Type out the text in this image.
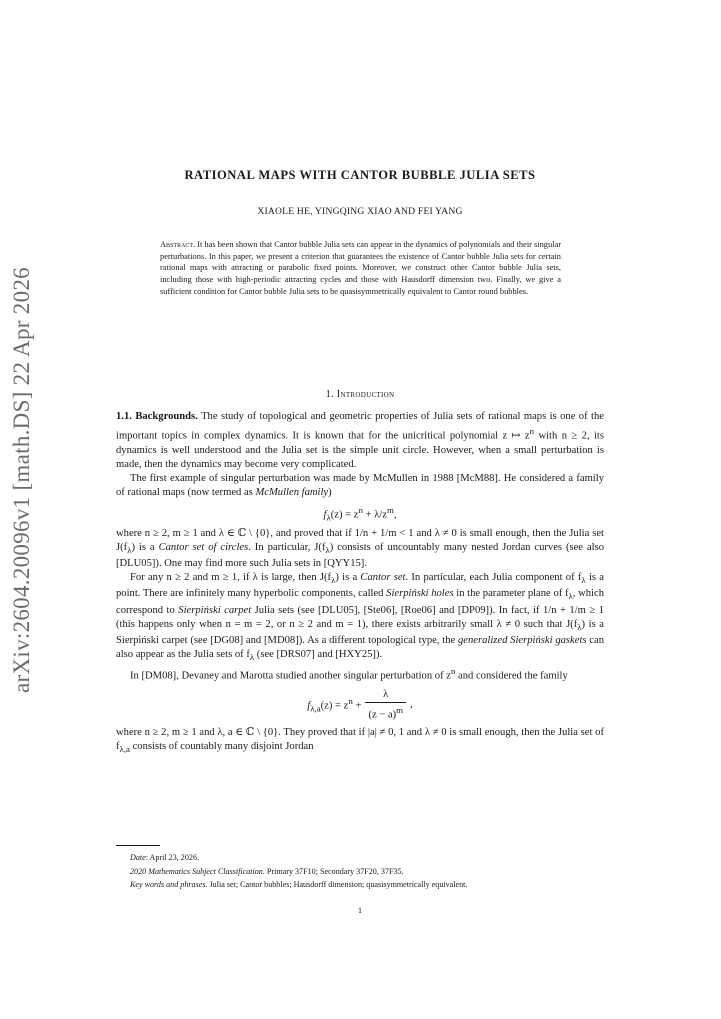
arXiv:2604.20096v1 [math.DS] 22 Apr 2026
RATIONAL MAPS WITH CANTOR BUBBLE JULIA SETS
XIAOLE HE, YINGQING XIAO AND FEI YANG
Abstract. It has been shown that Cantor bubble Julia sets can appear in the dynamics of polynomials and their singular perturbations. In this paper, we present a criterion that guarantees the existence of Cantor bubble Julia sets for certain rational maps with attracting or parabolic fixed points. Moreover, we construct other Cantor bubble Julia sets, including those with high-periodic attracting cycles and those with Hausdorff dimension two. Finally, we give a sufficient condition for Cantor bubble Julia sets to be quasisymmetrically equivalent to Cantor round bubbles.
1. Introduction

1.1. Backgrounds. The study of topological and geometric properties of Julia sets of rational maps is one of the important topics in complex dynamics. It is known that for the unicritical polynomial z ↦ $z^n$ with n ≥ 2, its dynamics is well understood and the Julia set is the simple unit circle. However, when a small perturbation is made, then the dynamics may become very complicated.

The first example of singular perturbation was made by McMullen in 1988 [McM88]. He considered a family of rational maps (now termed as McMullen family)

$f_\lambda(z) = z^n + \lambda/z^m$,

where n ≥ 2, m ≥ 1 and λ ∈ ℂ \ {0}, and proved that if 1/n + 1/m < 1 and λ ≠ 0 is small enough, then the Julia set $J(f_\lambda)$ is a Cantor set of circles. In particular, $J(f_\lambda)$ consists of uncountably many nested Jordan curves (see also [DLU05]). One may find more such Julia sets in [QYY15].

For any n ≥ 2 and m ≥ 1, if λ is large, then $J(f_\lambda)$ is a Cantor set. In particular, each Julia component of $f_\lambda$ is a point. There are infinitely many hyperbolic components, called Sierpiński holes in the parameter plane of $f_\lambda$, which correspond to Sierpiński carpet Julia sets (see [DLU05], [Ste06], [Roe06] and [DP09]). In fact, if 1/n + 1/m ≥ 1 (this happens only when n = m = 2, or n ≥ 2 and m = 1), there exists arbitrarily small λ ≠ 0 such that $J(f_\lambda)$ is a Sierpiński carpet (see [DG08] and [MD08]). As a different topological type, the generalized Sierpiński gaskets can also appear as the Julia sets of $f_\lambda$ (see [DRS07] and [HXY25]).

In [DM08], Devaney and Marotta studied another singular perturbation of $z^n$ and considered the family

$f_{\lambda,a}(z) = z^n + \frac{\lambda}{(z - a)^m}$ ,

where n ≥ 2, m ≥ 1 and λ, a ∈ ℂ \ {0}. They proved that if |a| ≠ 0, 1 and λ ≠ 0 is small enough, then the Julia set of $f_{\lambda,a}$ consists of countably many disjoint Jordan

Date: April 23, 2026.
2020 Mathematics Subject Classification. Primary 37F10; Secondary 37F20, 37F35.
Key words and phrases. Julia set; Cantor bubbles; Hausdorff dimension; quasisymmetrically equivalent.
1
